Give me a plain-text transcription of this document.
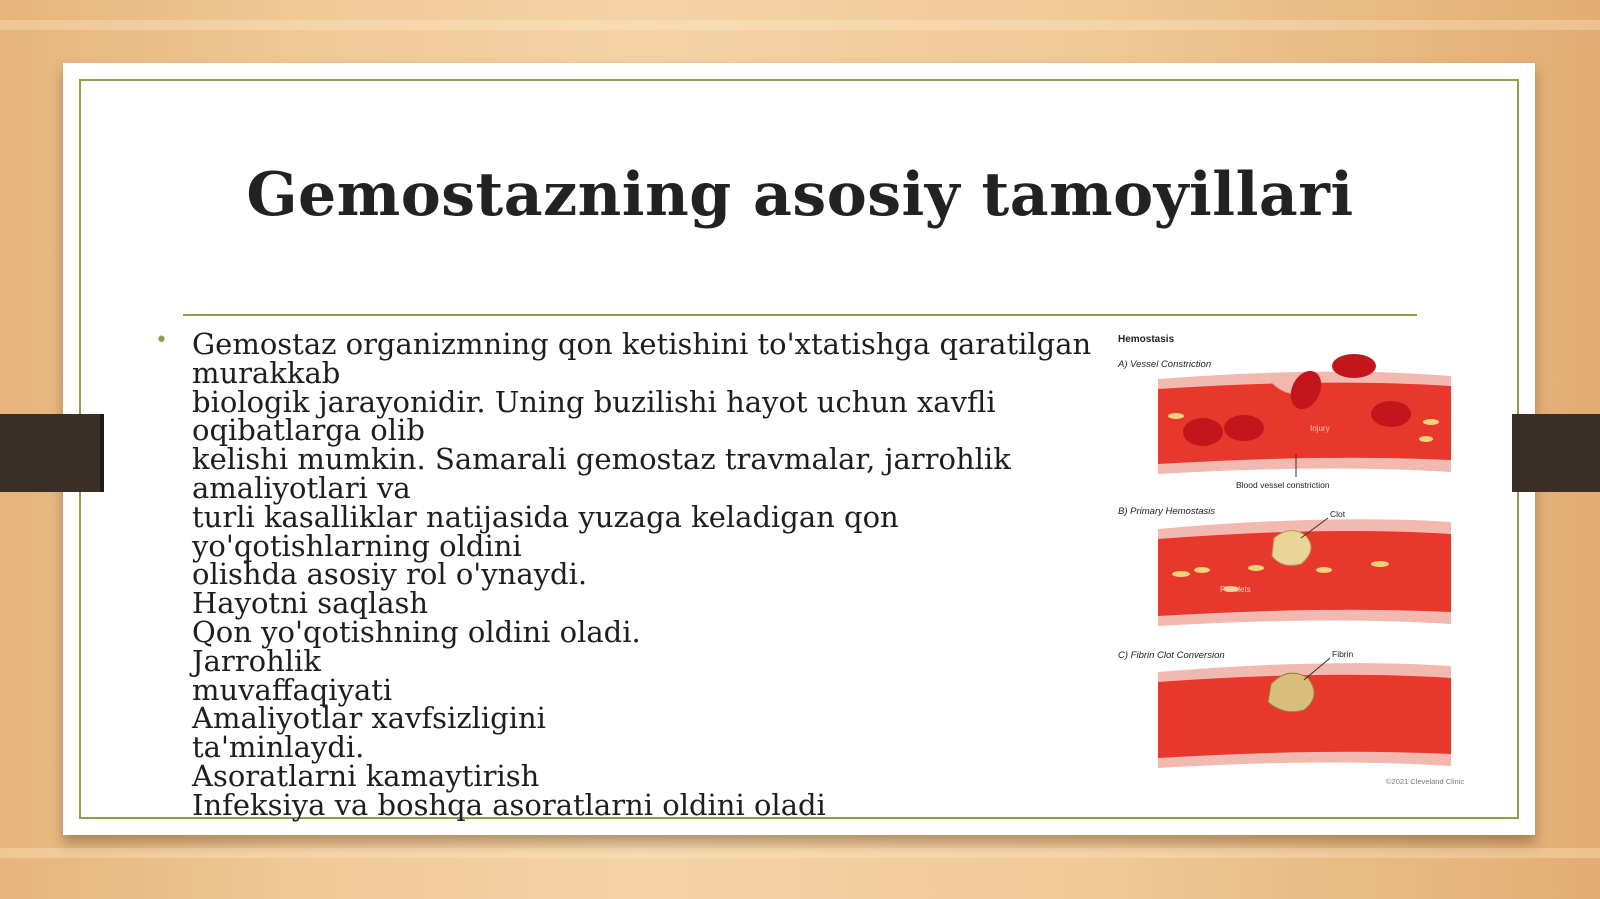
Gemostazning asosiy tamoyillari
• Gemostaz organizmning qon ketishini to'xtatishga qaratilgan
murakkab
biologik jarayonidir. Uning buzilishi hayot uchun xavfli
oqibatlarga olib
kelishi mumkin. Samarali gemostaz travmalar, jarrohlik
amaliyotlari va
turli kasalliklar natijasida yuzaga keladigan qon
yo'qotishlarning oldini
olishda asosiy rol o'ynaydi.
Hayotni saqlash
Qon yo'qotishning oldini oladi.
Jarrohlik
muvaffaqiyati
Amaliyotlar xavfsizligini
ta'minlaydi.
Asoratlarni kamaytirish
Infeksiya va boshqa asoratlarni oldini oladi
Hemostasis
A) Vessel Constriction
Injury
Blood vessel constriction
B) Primary Hemostasis	Clot
Platelets
C) Fibrin Clot Conversion	Fibrin
©2021 Cleveland Clinic
